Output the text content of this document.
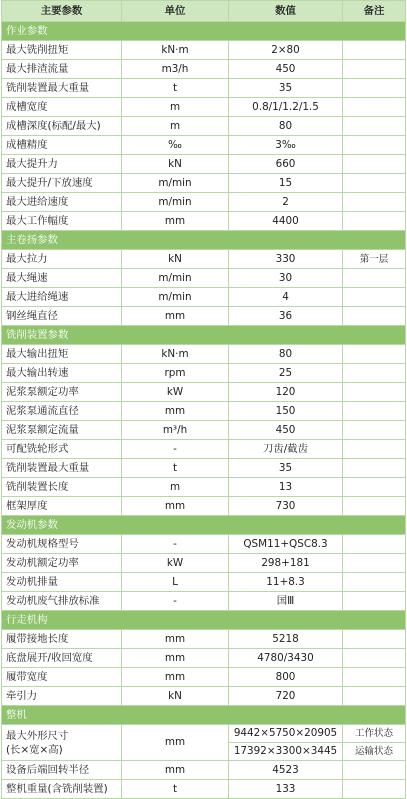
主要参数	单位	数值	备注
作业参数			
最大铣削扭矩	kN·m	2×80	
最大排渣流量	m3/h	450	
铣削装置最大重量	t	35	
成槽宽度	m	0.8/1/1.2/1.5	
成槽深度(标配/最大)	m	80	
成槽精度	‰	3‰	
最大提升力	kN	660	
最大提升/下放速度	m/min	15	
最大进给速度	m/min	2	
最大工作幅度	mm	4400	
主卷扬参数			
最大拉力	kN	330	第一层
最大绳速	m/min	30	
最大进给绳速	m/min	4	
钢丝绳直径	mm	36	
铣削装置参数			
最大输出扭矩	kN·m	80	
最大输出转速	rpm	25	
泥浆泵额定功率	kW	120	
泥浆泵通流直径	mm	150	
泥浆泵额定流量	m³/h	450	
可配铣轮形式	-	刀齿/截齿	
铣削装置最大重量	t	35	
铣削装置长度	m	13	
框架厚度	mm	730	
发动机参数			
发动机规格型号	-	QSM11+QSC8.3	
发动机额定功率	kW	298+181	
发动机排量	L	11+8.3	
发动机废气排放标准	-	国Ⅲ	
行走机构			
履带接地长度	mm	5218	
底盘展开/收回宽度	mm	4780/3430	
履带宽度	mm	800	
牵引力	kN	720	
整机			
最大外形尺寸
(长×宽×高)	mm	9442×5750×20905	工作状态
		17392×3300×3445	运输状态
设备后端回转半径	mm	4523	
整机重量(含铣削装置)	t	133	
